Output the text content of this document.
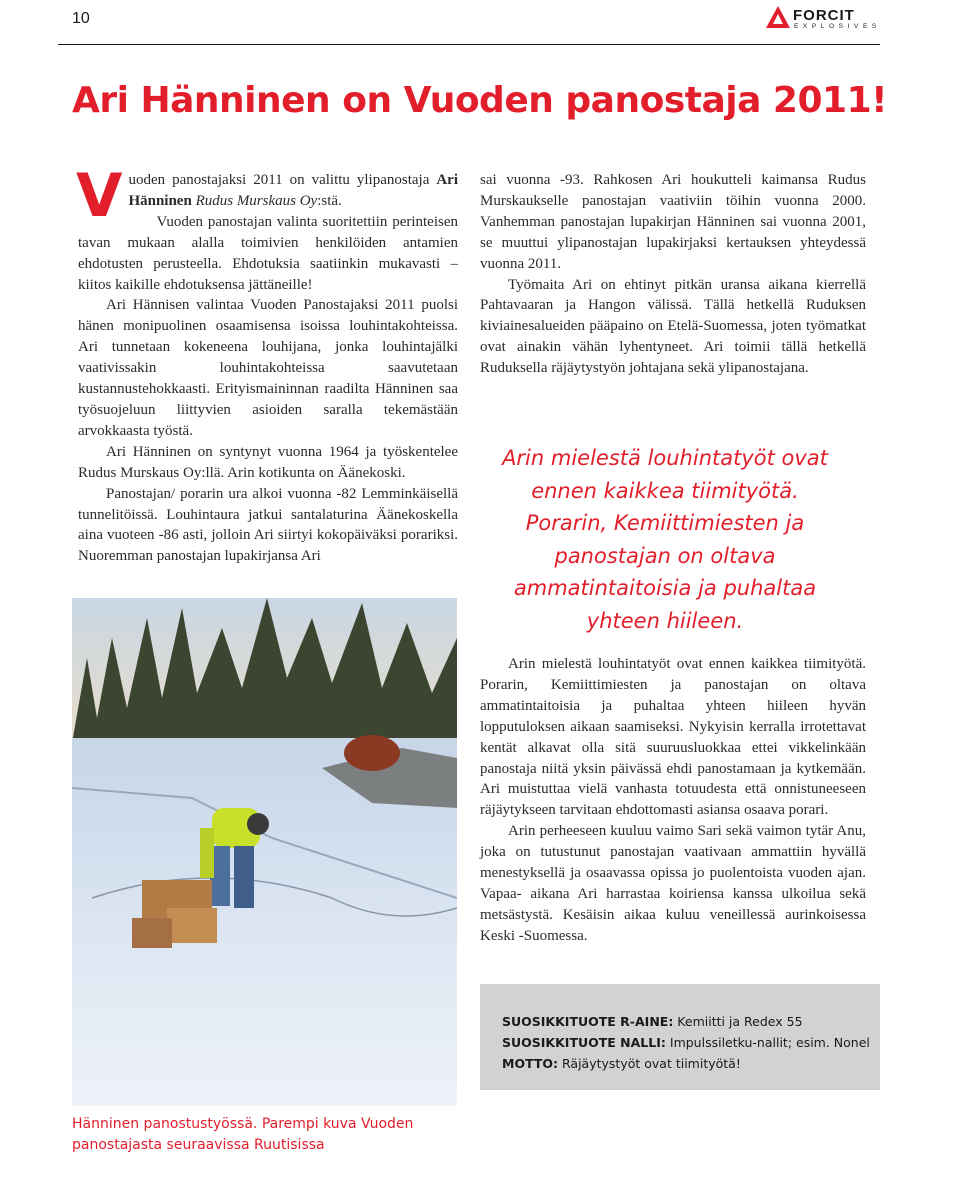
10	FORCIT
EXPLOSIVES
Ari Hänninen on Vuoden panostaja 2011!

Vuoden panostajaksi 2011 on valittu ylipanostaja Ari Hänninen Rudus Murskaus Oy:stä.

Vuoden panostajan valinta suoritettiin perinteisen tavan mukaan alalla toimivien henkilöiden antamien ehdotusten perusteella. Ehdotuksia saatiinkin mukavasti – kiitos kaikille ehdotuksensa jättäneille!

Ari Hännisen valintaa Vuoden Panostajaksi 2011 puolsi hänen monipuolinen osaamisensa isoissa louhintakohteissa. Ari tunnetaan kokeneena louhijana, jonka louhintajälki vaativissakin louhintakohteissa saavutetaan kustannustehokkaasti. Erityismaininnan raadilta Hänninen saa työsuojeluun liittyvien asioiden saralla tekemästään arvokkaasta työstä.

Ari Hänninen on syntynyt vuonna 1964 ja työskentelee Rudus Murskaus Oy:llä. Arin kotikunta on Äänekoski.

Panostajan/ porarin ura alkoi vuonna -82 Lemminkäisellä tunnelitöissä. Louhintaura jatkui santalaturina Äänekoskella aina vuoteen -86 asti, jolloin Ari siirtyi kokopäiväksi porariksi. Nuoremman panostajan lupakirjansa Ari

sai vuonna -93. Rahkosen Ari houkutteli kaimansa Rudus Murskaukselle panostajan vaativiin töihin vuonna 2000. Vanhemman panostajan lupakirjan Hänninen sai vuonna 2001, se muuttui ylipanostajan lupakirjaksi kertauksen yhteydessä vuonna 2011.

Työmaita Ari on ehtinyt pitkän uransa aikana kierrellä Pahtavaaran ja Hangon välissä. Tällä hetkellä Ruduksen kiviainesalueiden pääpaino on Etelä-Suomessa, joten työmatkat ovat ainakin vähän lyhentyneet. Ari toimii tällä hetkellä Ruduksella räjäytystyön johtajana sekä ylipanostajana.

Arin mielestä louhintatyöt ovat ennen kaikkea tiimityötä. Porarin, Kemiittimiesten ja panostajan on oltava ammatintaitoisia ja puhaltaa yhteen hiileen.

Arin mielestä louhintatyöt ovat ennen kaikkea tiimityötä. Porarin, Kemiittimiesten ja panostajan on oltava ammatintaitoisia ja puhaltaa yhteen hiileen hyvän lopputuloksen aikaan saamiseksi. Nykyisin kerralla irrotettavat kentät alkavat olla sitä suuruusluokkaa ettei vikkelinkään panostaja niitä yksin päivässä ehdi panostamaan ja kytkemään. Ari muistuttaa vielä vanhasta totuudesta että onnistuneeseen räjäytykseen tarvitaan ehdottomasti asiansa osaava porari.

Arin perheeseen kuuluu vaimo Sari sekä vaimon tytär Anu, joka on tutustunut panostajan vaativaan ammattiin hyvällä menestyksellä ja osaavassa opissa jo puolentoista vuoden ajan. Vapaa- aikana Ari harrastaa koiriensa kanssa ulkoilua sekä metsästystä. Kesäisin aikaa kuluu veneillessä aurinkoisessa Keski -Suomessa.

Hänninen panostustyössä. Parempi kuva Vuoden panostajasta seuraavissa Ruutisissa
SUOSIKKITUOTE R-AINE: Kemiitti ja Redex 55
SUOSIKKITUOTE NALLI: Impulssiletku-nallit; esim. Nonel
MOTTO: Räjäytystyöt ovat tiimityötä!
